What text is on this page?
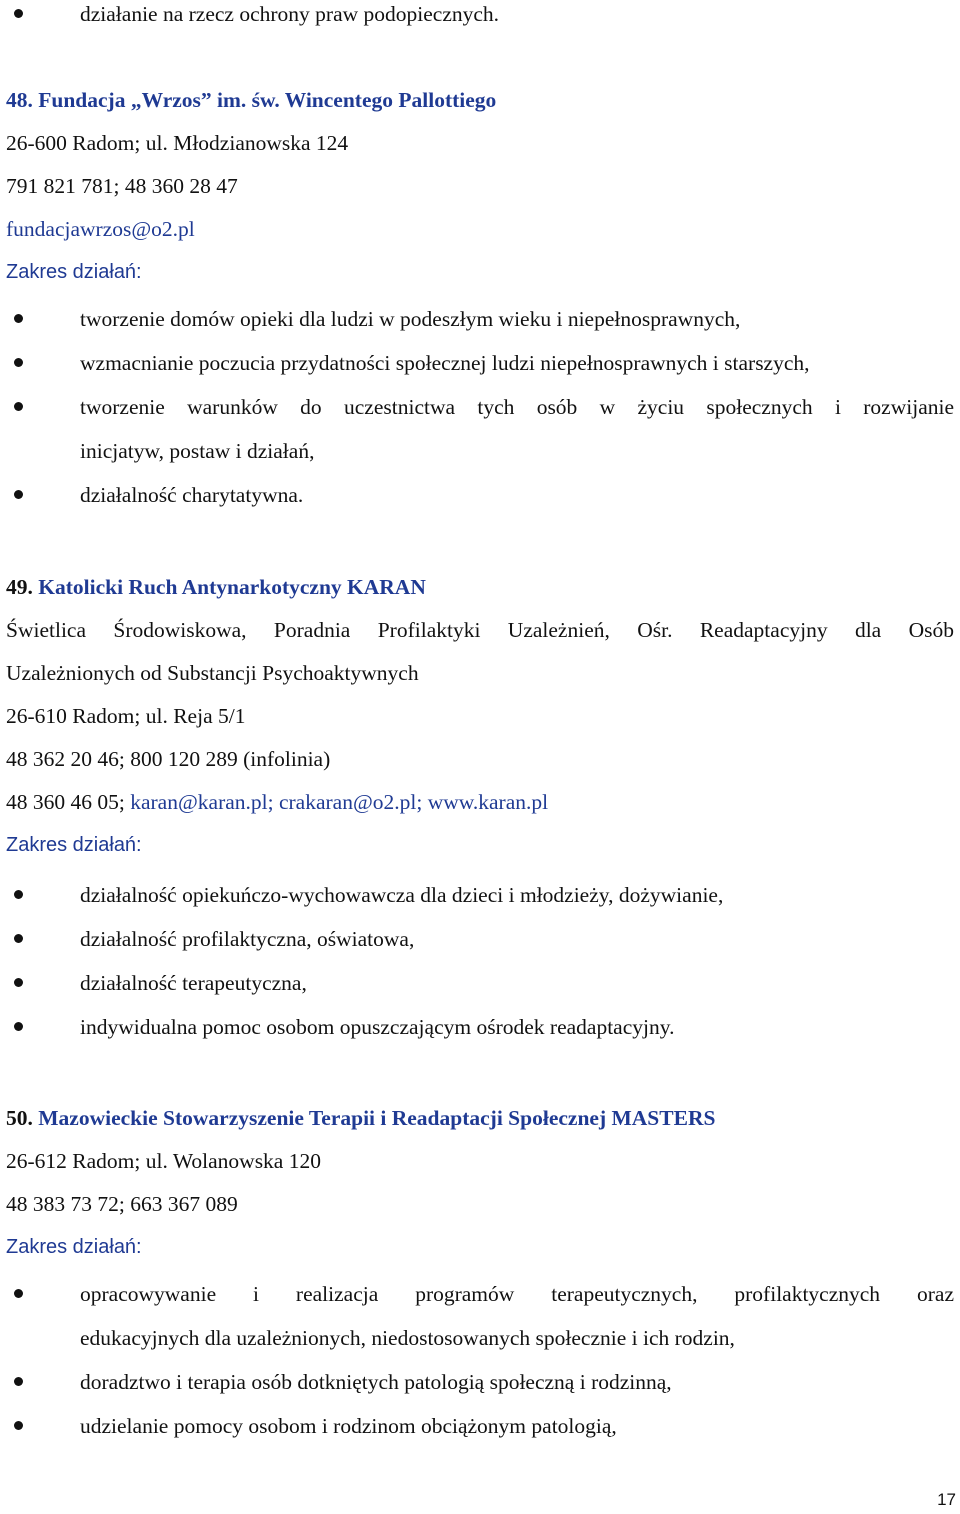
działanie na rzecz ochrony praw podopiecznych.
48. Fundacja „Wrzos” im. św. Wincentego Pallottiego
26-600 Radom; ul. Młodzianowska 124
791 821 781; 48 360 28 47
fundacjawrzos@o2.pl
Zakres działań:
tworzenie domów opieki dla ludzi w podeszłym wieku i niepełnosprawnych,
wzmacnianie poczucia przydatności społecznej ludzi niepełnosprawnych i starszych,
tworzenie warunków do uczestnictwa tych osób w życiu społecznych i rozwijanie
inicjatyw, postaw i działań,
działalność charytatywna.
49. Katolicki Ruch Antynarkotyczny KARAN
Świetlica Środowiskowa, Poradnia Profilaktyki Uzależnień, Ośr. Readaptacyjny dla Osób
Uzależnionych od Substancji Psychoaktywnych
26-610 Radom; ul. Reja 5/1
48 362 20 46; 800 120 289 (infolinia)
48 360 46 05; karan@karan.pl; crakaran@o2.pl; www.karan.pl
Zakres działań:
działalność opiekuńczo-wychowawcza dla dzieci i młodzieży, dożywianie,
działalność profilaktyczna, oświatowa,
działalność terapeutyczna,
indywidualna pomoc osobom opuszczającym ośrodek readaptacyjny.
50. Mazowieckie Stowarzyszenie Terapii i Readaptacji Społecznej MASTERS
26-612 Radom; ul. Wolanowska 120
48 383 73 72; 663 367 089
Zakres działań:
opracowywanie i realizacja programów terapeutycznych, profilaktycznych oraz
edukacyjnych dla uzależnionych, niedostosowanych społecznie i ich rodzin,
doradztwo i terapia osób dotkniętych patologią społeczną i rodzinną,
udzielanie pomocy osobom i rodzinom obciążonym patologią,
17
